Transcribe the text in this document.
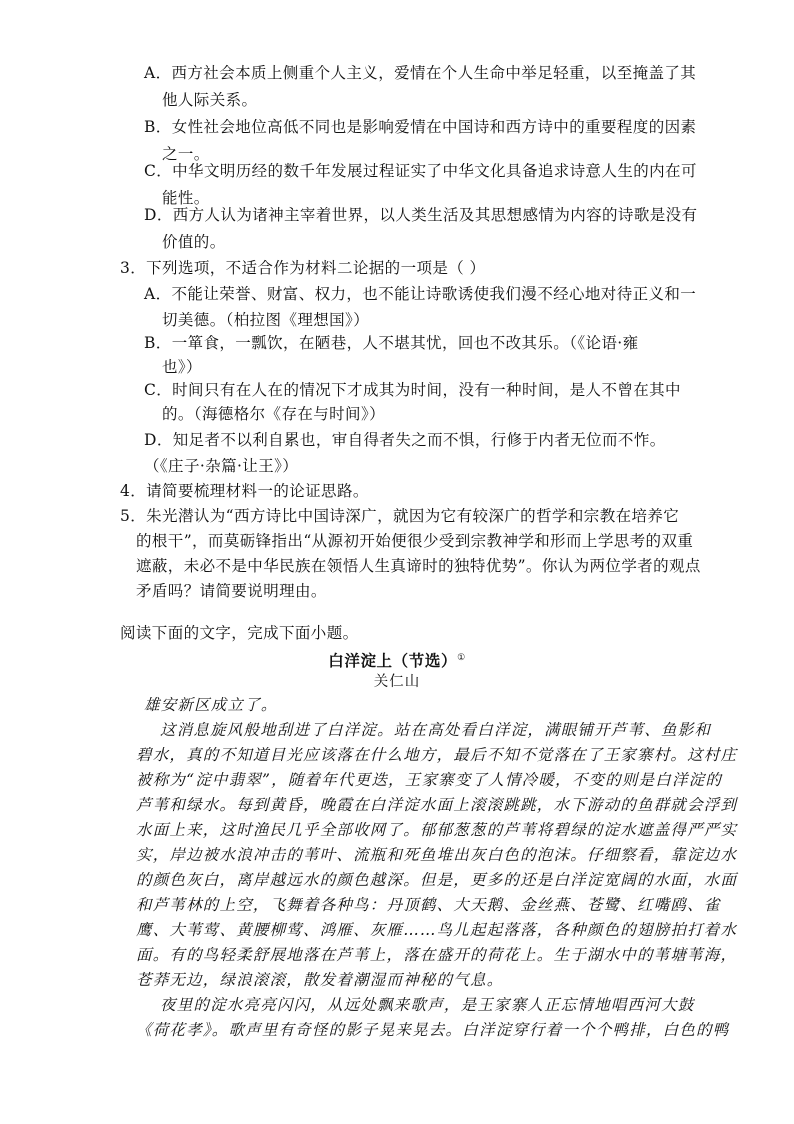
A．西方社会本质上侧重个人主义，爱情在个人生命中举足轻重，以至掩盖了其
他人际关系。
B．女性社会地位高低不同也是影响爱情在中国诗和西方诗中的重要程度的因素
之一。
C．中华文明历经的数千年发展过程证实了中华文化具备追求诗意人生的内在可
能性。
D．西方人认为诸神主宰着世界，以人类生活及其思想感情为内容的诗歌是没有
价值的。
3．下列选项，不适合作为材料二论据的一项是（ ）
A．不能让荣誉、财富、权力，也不能让诗歌诱使我们漫不经心地对待正义和一
切美德。（柏拉图《理想国》）
B．一箪食，一瓢饮，在陋巷，人不堪其忧，回也不改其乐。（《论语·雍
也》）
C．时间只有在人在的情况下才成其为时间，没有一种时间，是人不曾在其中
的。（海德格尔《存在与时间》）
D．知足者不以利自累也，审自得者失之而不惧，行修于内者无位而不怍。
（《庄子·杂篇·让王》）
4．请简要梳理材料一的论证思路。
5．朱光潜认为“西方诗比中国诗深广，就因为它有较深广的哲学和宗教在培养它
的根干”，而莫砺锋指出“从源初开始便很少受到宗教神学和形而上学思考的双重
遮蔽，未必不是中华民族在领悟人生真谛时的独特优势”。你认为两位学者的观点
矛盾吗？请简要说明理由。
阅读下面的文字，完成下面小题。
白洋淀上（节选）①
关仁山
雄安新区成立了。
这消息旋风般地刮进了白洋淀。站在高处看白洋淀，满眼铺开芦苇、鱼影和
碧水，真的不知道目光应该落在什么地方，最后不知不觉落在了王家寨村。这村庄
被称为“淀中翡翠”，随着年代更迭，王家寨变了人情冷暖，不变的则是白洋淀的
芦苇和绿水。每到黄昏，晚霞在白洋淀水面上滚滚跳跳，水下游动的鱼群就会浮到
水面上来，这时渔民几乎全部收网了。郁郁葱葱的芦苇将碧绿的淀水遮盖得严严实
实，岸边被水浪冲击的苇叶、流瓶和死鱼堆出灰白色的泡沫。仔细察看，靠淀边水
的颜色灰白，离岸越远水的颜色越深。但是，更多的还是白洋淀宽阔的水面，水面
和芦苇林的上空，飞舞着各种鸟：丹顶鹤、大天鹅、金丝燕、苍鹭、红嘴鸥、雀
鹰、大苇莺、黄腰柳莺、鸿雁、灰雁……鸟儿起起落落，各种颜色的翅膀拍打着水
面。有的鸟轻柔舒展地落在芦苇上，落在盛开的荷花上。生于湖水中的苇塘苇海，
苍莽无边，绿浪滚滚，散发着潮湿而神秘的气息。
夜里的淀水亮亮闪闪，从远处飘来歌声，是王家寨人正忘情地唱西河大鼓
《荷花孝》。歌声里有奇怪的影子晃来晃去。白洋淀穿行着一个个鸭排，白色的鸭
